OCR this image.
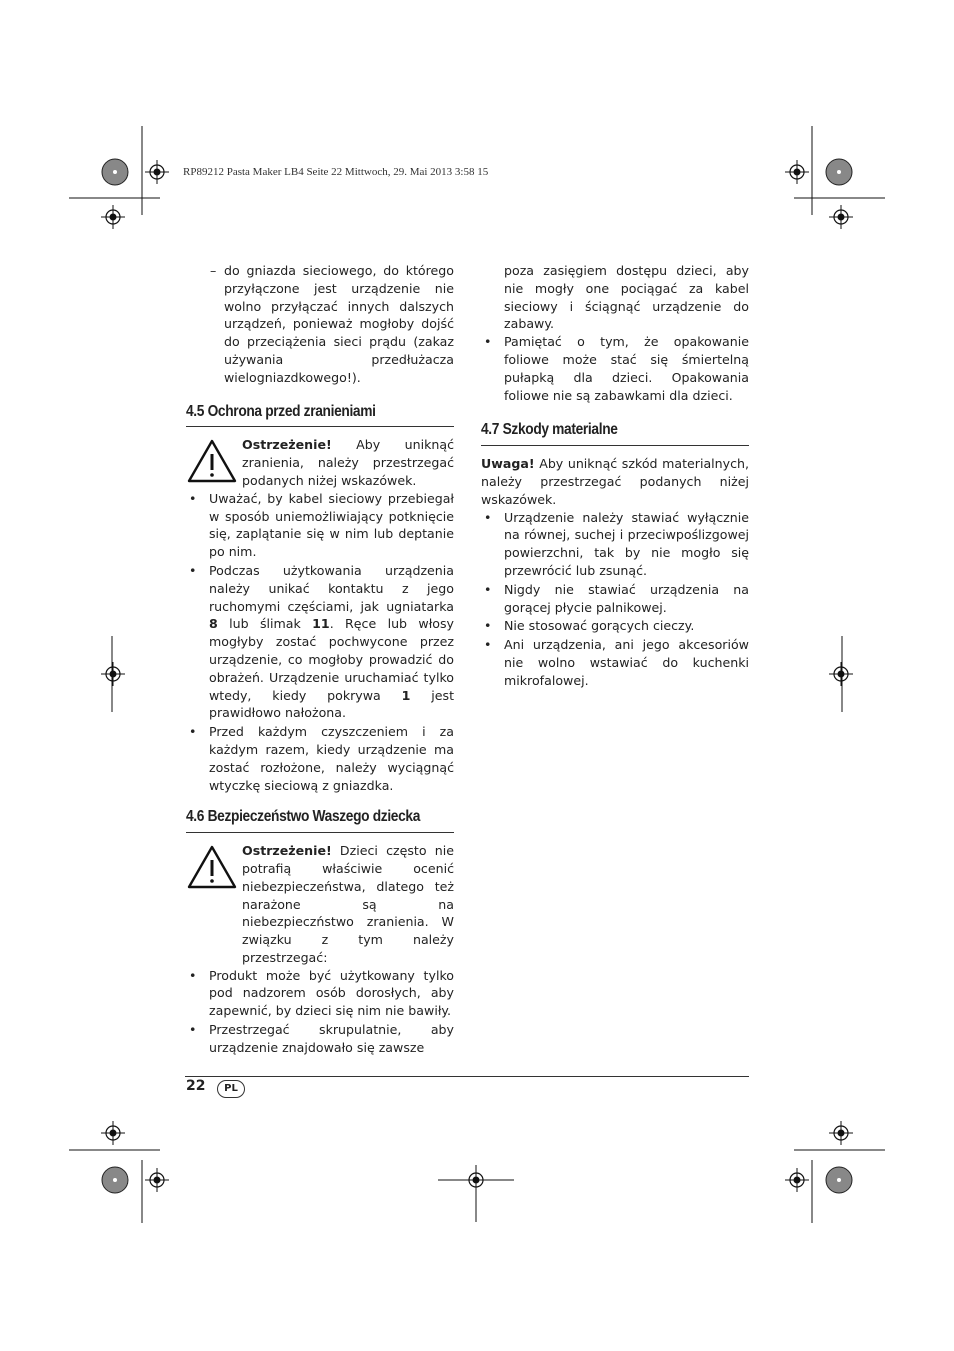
RP89212 Pasta Maker LB4 Seite 22 Mittwoch, 29. Mai 2013 3:58 15

– do gniazda sieciowego, do którego przyłączone jest urządzenie nie wolno przyłączać innych dalszych urządzeń, ponieważ mogłoby dojść do przeciążenia sieci prądu (zakaz używania przedłużacza wielogniazdkowego!).

4.5 Ochrona przed zranieniami
Ostrzeżenie! Aby uniknąć zranienia, należy przestrzegać podanych niżej wskazówek.
• Uważać, by kabel sieciowy przebiegał w sposób uniemożliwiający potknięcie się, zaplątanie się w nim lub deptanie po nim.
• Podczas użytkowania urządzenia należy unikać kontaktu z jego ruchomymi częściami, jak ugniatarka 8 lub ślimak 11. Ręce lub włosy mogłyby zostać pochwycone przez urządzenie, co mogłoby prowadzić do obrażeń. Urządzenie uruchamiać tylko wtedy, kiedy pokrywa 1 jest prawidłowo nałożona.
• Przed każdym czyszczeniem i za każdym razem, kiedy urządzenie ma zostać rozłożone, należy wyciągnąć wtyczkę sieciową z gniazdka.
4.6 Bezpieczeństwo Waszego dziecka
Ostrzeżenie! Dzieci często nie potrafią właściwie ocenić niebezpieczeństwa, dlatego też narażone są na niebezpieczństwo zranienia. W związku z tym należy przestrzegać:
• Produkt może być użytkowany tylko pod nadzorem osób dorosłych, aby zapewnić, by dzieci się nim nie bawiły.
• Przestrzegać skrupulatnie, aby urządzenie znajdowało się zawsze

poza zasięgiem dostępu dzieci, aby nie mogły one pociągać za kabel sieciowy i ściągnąć urządzenie do zabawy.

• Pamiętać o tym, że opakowanie foliowe może stać się śmiertelną pułapką dla dzieci. Opakowania foliowe nie są zabawkami dla dzieci.
4.7 Szkody materialne

Uwaga! Aby uniknąć szkód materialnych, należy przestrzegać podanych niżej wskazówek.

• Urządzenie należy stawiać wyłącznie na równej, suchej i przeciwpoślizgowej powierzchni, tak by nie mogło się przewrócić lub zsunąć.
• Nigdy nie stawiać urządzenia na gorącej płycie palnikowej.
• Nie stosować gorących cieczy.
• Ani urządzenia, ani jego akcesoriów nie wolno wstawiać do kuchenki mikrofalowej.
22	PL
